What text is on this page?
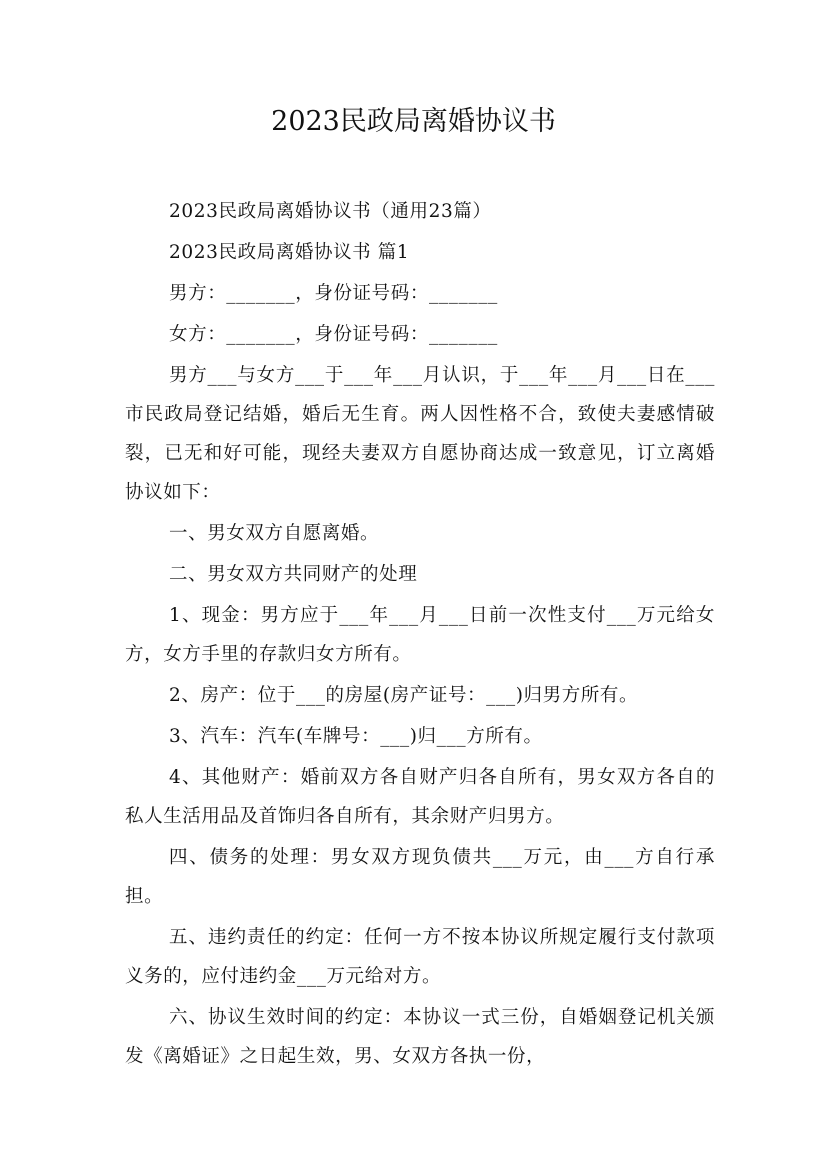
2023民政局离婚协议书

2023民政局离婚协议书（通用23篇）

2023民政局离婚协议书 篇1

男方：_______，身份证号码：_______

女方：_______，身份证号码：_______

男方___与女方___于___年___月认识，于___年___月___日在___市民政局登记结婚，婚后无生育。两人因性格不合，致使夫妻感情破裂，已无和好可能，现经夫妻双方自愿协商达成一致意见，订立离婚协议如下：

一、男女双方自愿离婚。

二、男女双方共同财产的处理

1、现金：男方应于___年___月___日前一次性支付___万元给女方，女方手里的存款归女方所有。

2、房产：位于___的房屋(房产证号：___)归男方所有。

3、汽车：汽车(车牌号：___)归___方所有。

4、其他财产：婚前双方各自财产归各自所有，男女双方各自的私人生活用品及首饰归各自所有，其余财产归男方。

四、债务的处理：男女双方现负债共___万元，由___方自行承担。

五、违约责任的约定：任何一方不按本协议所规定履行支付款项义务的，应付违约金___万元给对方。

六、协议生效时间的约定：本协议一式三份，自婚姻登记机关颁发《离婚证》之日起生效，男、女双方各执一份，
